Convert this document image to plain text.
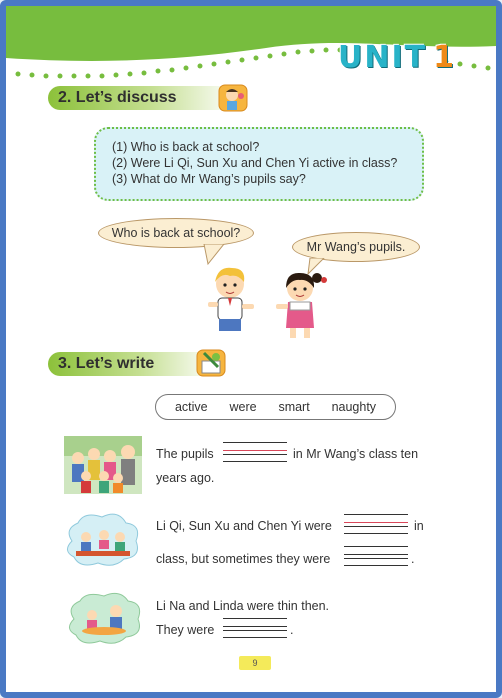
UNIT 1
2. Let’s discuss
(1) Who is back at school?
(2) Were Li Qi, Sun Xu and Chen Yi active in class?
(3) What do Mr Wang’s pupils say?
Who is back at school?
Mr Wang’s pupils.
3. Let’s write
active were smart naughty
The pupils	in Mr Wang’s class ten
years ago.
Li Qi, Sun Xu and Chen Yi were	in
class, but sometimes they were	.
Li Na and Linda were thin then.
They were	.
9
